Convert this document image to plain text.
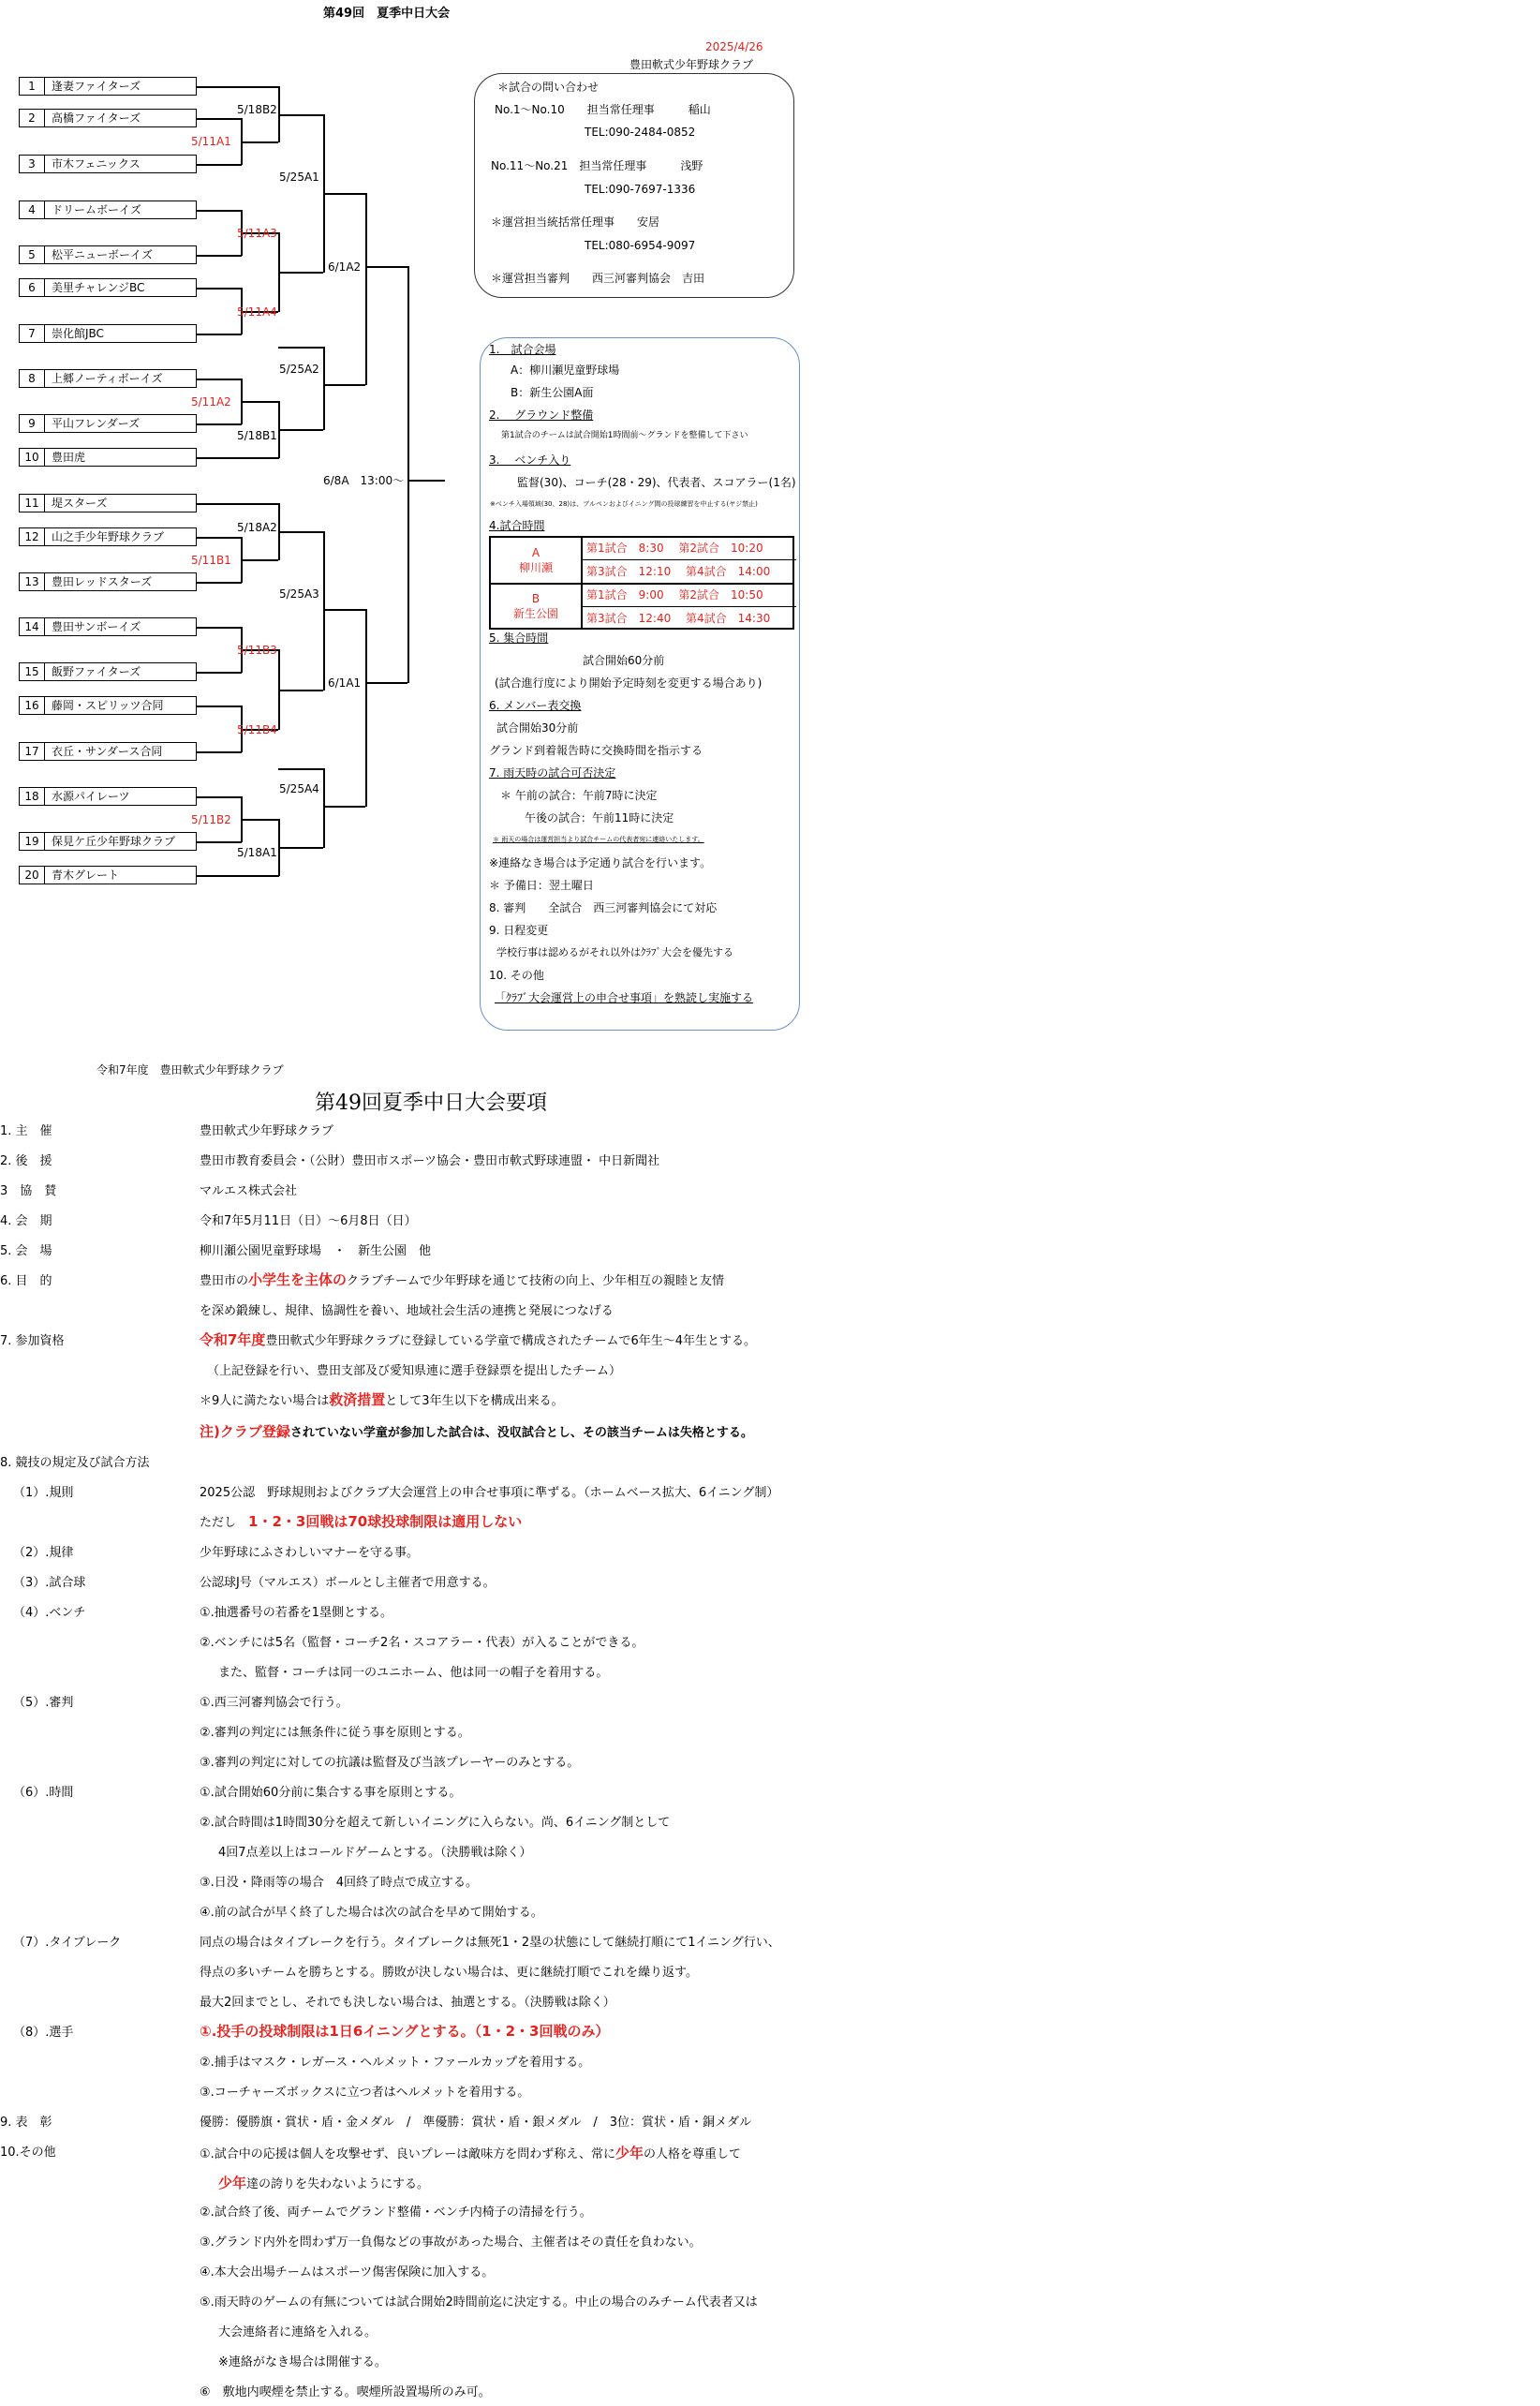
第49回　夏季中日大会
2025/4/26
豊田軟式少年野球クラブ
1	逢妻ファイターズ
2	高橋ファイターズ
3	市木フェニックス
4	ドリームボーイズ
5	松平ニューボーイズ
6	美里チャレンジBC
7	崇化館JBC
8	上郷ノーティボーイズ
9	平山フレンダーズ
10	豊田虎
11	堤スターズ
12	山之手少年野球クラブ
13	豊田レッドスターズ
14	豊田サンボーイズ
15	飯野ファイターズ
16	藤岡・スピリッツ合同
17	衣丘・サンダース合同
18	水源パイレーツ
19	保見ケ丘少年野球クラブ
20	青木グレート
5/11A1
5/11A3
5/11A4
5/11A2
5/11B1
5/11B3
5/11B4
5/11B2
5/18B2
5/18B1
5/18A2
5/18A1
5/25A1
5/25A2
5/25A3
5/25A4
6/1A2
6/1A1
6/8A　13:00～
＊試合の問い合わせ
No.1～No.10　　担当常任理事　　　稲山
TEL:090-2484-0852
No.11～No.21　担当常任理事　　　浅野
TEL:090-7697-1336
＊運営担当統括常任理事　　安居
TEL:080-6954-9097
＊運営担当審判　　西三河審判協会　吉田
1.　試合会場
A：柳川瀬児童野球場
B：新生公園A面
2.　 グラウンド整備
第1試合のチームは試合開始1時間前～グランドを整備して下さい
3.　 ベンチ入り
監督(30)、コーチ(28・29)、代表者、スコアラー(1名)
※ベンチ入場領域(30、28)は、ブルペンおよびイニング間の投球練習を中止する(ヤジ禁止)
4.試合時間
A
柳川瀬
第1試合　8:30　 第2試合　10:20
第3試合　12:10　 第4試合　14:00
B
新生公園
第1試合　9:00　 第2試合　10:50
第3試合　12:40　 第4試合　14:30
5. 集合時間
試合開始60分前
(試合進行度により開始予定時刻を変更する場合あり)
6. メンバー表交換
試合開始30分前
グランド到着報告時に交換時間を指示する
7. 雨天時の試合可否決定
＊ 午前の試合：午前7時に決定
午後の試合：午前11時に決定
＊ 雨天の場合は運営担当より試合チームの代表者宛に連絡いたします。
※連絡なき場合は予定通り試合を行います。
＊ 予備日：翌土曜日
8. 審判　　全試合　西三河審判協会にて対応
9. 日程変更
学校行事は認めるがそれ以外はｸﾗﾌﾞ大会を優先する
10. その他
「ｸﾗﾌﾞ大会運営上の申合せ事項」を熟読し実施する
令和7年度　豊田軟式少年野球クラブ
第49回夏季中日大会要項
1. 主　催	豊田軟式少年野球クラブ
2. 後　援	豊田市教育委員会・（公財）豊田市スポーツ協会・豊田市軟式野球連盟・ 中日新聞社
3　協　賛	マルエス株式会社
4. 会　期	令和7年5月11日（日）～6月8日（日）
5. 会　場	柳川瀬公園児童野球場　・　新生公園　他
6. 目　的	豊田市の小学生を主体のクラブチームで少年野球を通じて技術の向上、少年相互の親睦と友情
を深め鍛練し、規律、協調性を養い、地域社会生活の連携と発展につなげる
7. 参加資格	令和7年度豊田軟式少年野球クラブに登録している学童で構成されたチームで6年生～4年生とする。
（上記登録を行い、豊田支部及び愛知県連に選手登録票を提出したチーム）
＊9人に満たない場合は救済措置として3年生以下を構成出来る。
注)クラブ登録されていない学童が参加した試合は、没収試合とし、その該当チームは失格とする。
8. 競技の規定及び試合方法
（1）.規則	2025公認　野球規則およびクラブ大会運営上の申合せ事項に準ずる。（ホームベース拡大、6イニング制）
ただし　1・2・3回戦は70球投球制限は適用しない
（2）.規律	少年野球にふさわしいマナーを守る事。
（3）.試合球	公認球J号（マルエス）ボールとし主催者で用意する。
（4）.ベンチ	①.抽選番号の若番を1塁側とする。
②.ベンチには5名（監督・コーチ2名・スコアラー・代表）が入ることができる。
また、監督・コーチは同一のユニホーム、他は同一の帽子を着用する。
（5）.審判	①.西三河審判協会で行う。
②.審判の判定には無条件に従う事を原則とする。
③.審判の判定に対しての抗議は監督及び当該プレーヤーのみとする。
（6）.時間	①.試合開始60分前に集合する事を原則とする。
②.試合時間は1時間30分を超えて新しいイニングに入らない。尚、6イニング制として
4回7点差以上はコールドゲームとする。（決勝戦は除く）
③.日没・降雨等の場合　4回終了時点で成立する。
④.前の試合が早く終了した場合は次の試合を早めて開始する。
（7）.タイブレーク	同点の場合はタイブレークを行う。タイブレークは無死1・2塁の状態にして継続打順にて1イニング行い、
得点の多いチームを勝ちとする。勝敗が決しない場合は、更に継続打順でこれを繰り返す。
最大2回までとし、それでも決しない場合は、抽選とする。（決勝戦は除く）
（8）.選手	①.投手の投球制限は1日6イニングとする。（1・2・3回戦のみ）
②.捕手はマスク・レガース・ヘルメット・ファールカップを着用する。
③.コーチャーズボックスに立つ者はヘルメットを着用する。
9. 表　彰	優勝：優勝旗・賞状・盾・金メダル　/　準優勝：賞状・盾・銀メダル　/　3位：賞状・盾・銅メダル
10.その他	①.試合中の応援は個人を攻撃せず、良いプレーは敵味方を問わず称え、常に少年の人格を尊重して
少年達の誇りを失わないようにする。
②.試合終了後、両チームでグランド整備・ベンチ内椅子の清掃を行う。
③.グランド内外を問わず万一負傷などの事故があった場合、主催者はその責任を負わない。
④.本大会出場チームはスポーツ傷害保険に加入する。
⑤.雨天時のゲームの有無については試合開始2時間前迄に決定する。中止の場合のみチーム代表者又は
大会連絡者に連絡を入れる。
※連絡がなき場合は開催する。
⑥　敷地内喫煙を禁止する。喫煙所設置場所のみ可。
